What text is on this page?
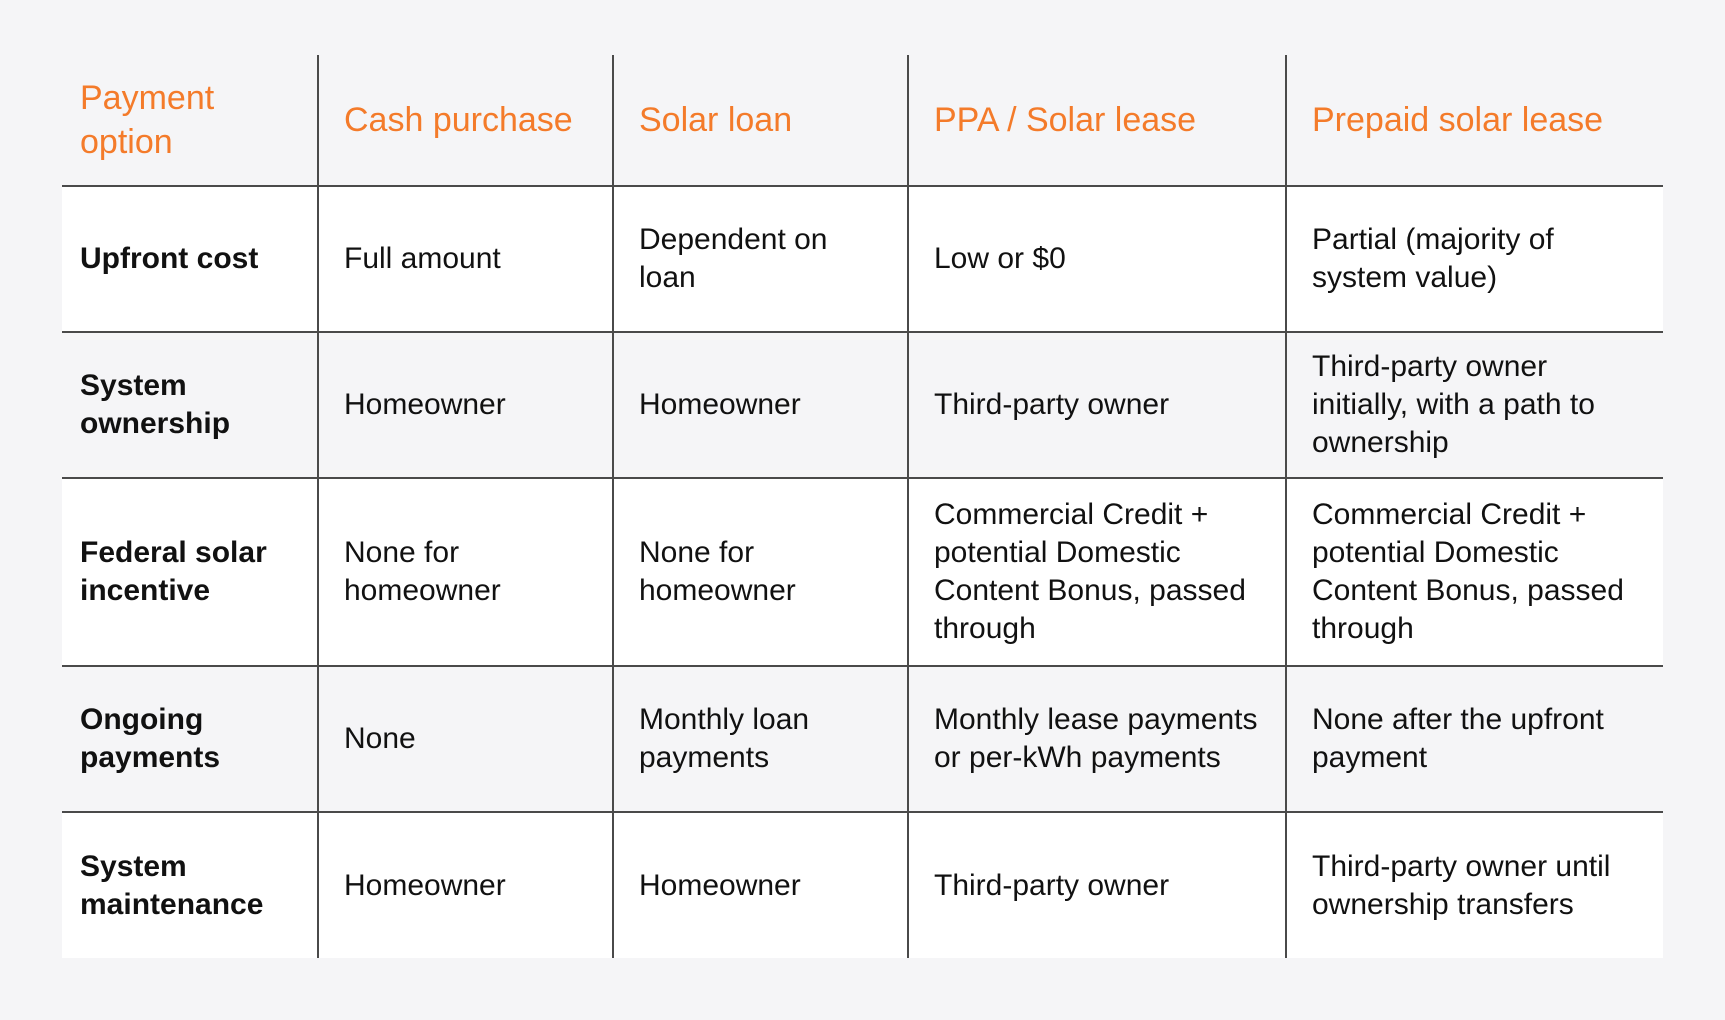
Payment option	Cash purchase	Solar loan	PPA / Solar lease	Prepaid solar lease
Upfront cost	Full amount	Dependent on loan	Low or $0	Partial (majority of system value)
System ownership	Homeowner	Homeowner	Third-party owner	Third-party owner initially, with a path to ownership
Federal solar incentive	None for homeowner	None for homeowner	Commercial Credit + potential Domestic Content Bonus, passed through	Commercial Credit + potential Domestic Content Bonus, passed through
Ongoing payments	None	Monthly loan payments	Monthly lease payments or per-kWh payments	None after the upfront payment
System maintenance	Homeowner	Homeowner	Third-party owner	Third-party owner until ownership transfers
